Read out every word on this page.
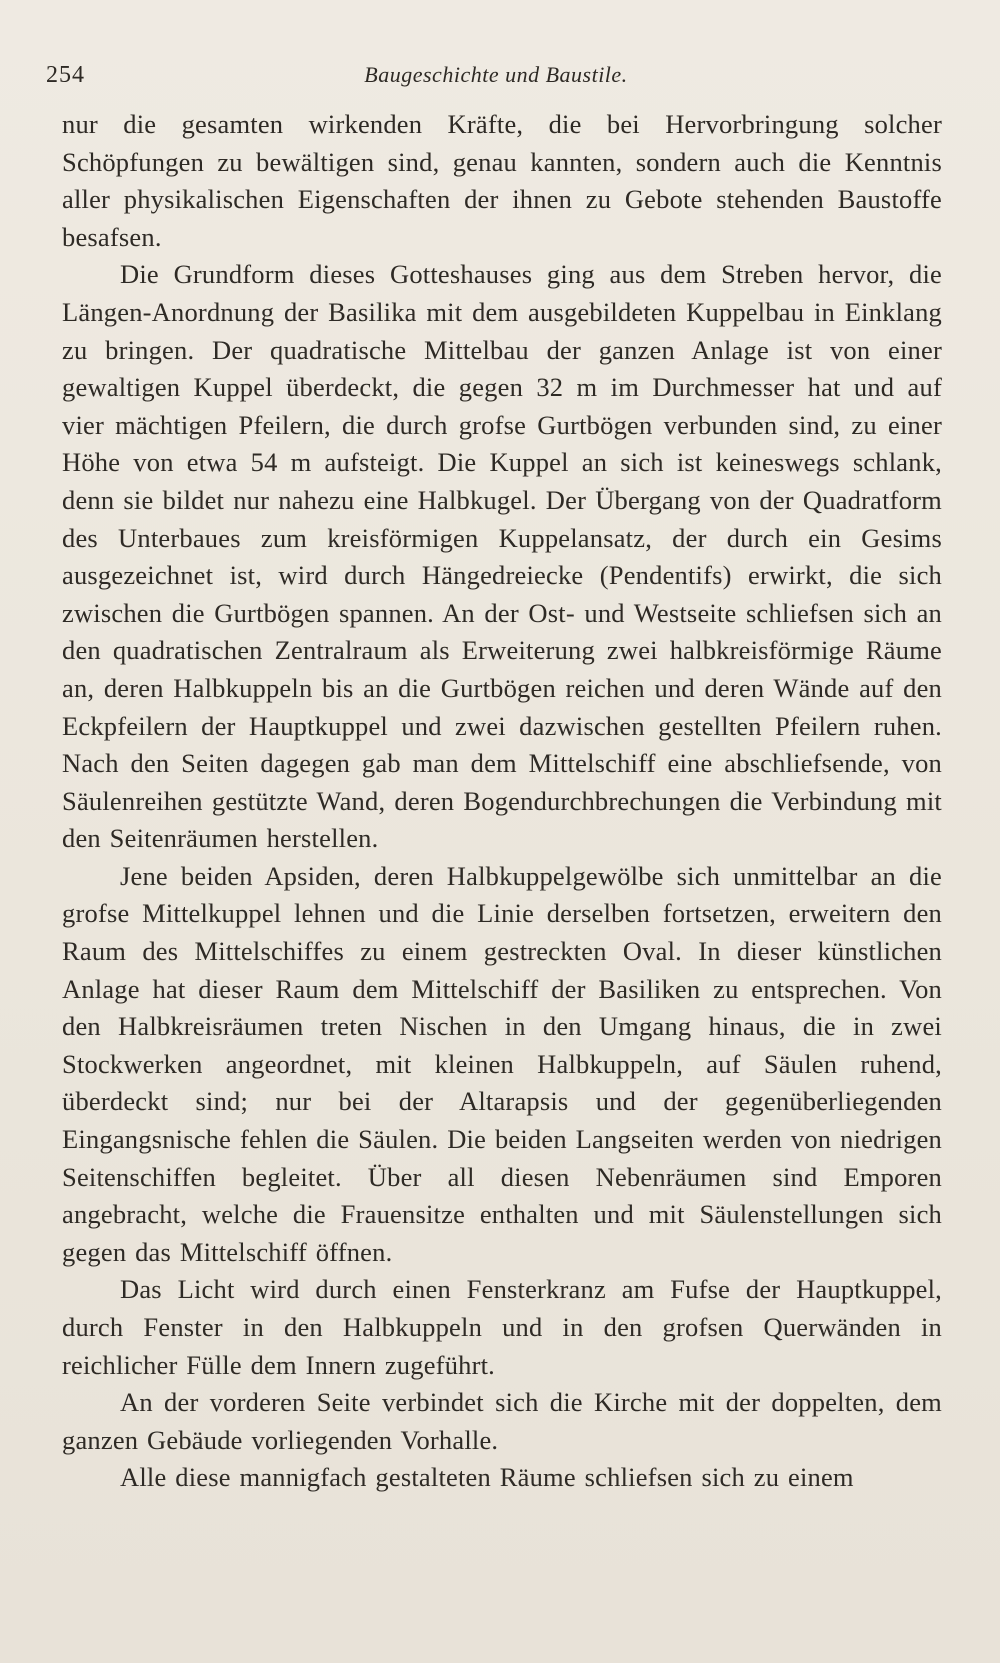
254	Baugeschichte und Baustile.

nur die gesamten wirkenden Kräfte, die bei Hervorbringung solcher Schöpfungen zu bewältigen sind, genau kannten, sondern auch die Kenntnis aller physikalischen Eigenschaften der ihnen zu Gebote stehenden Baustoffe besafsen.

Die Grundform dieses Gotteshauses ging aus dem Streben hervor, die Längen-Anordnung der Basilika mit dem ausgebildeten Kuppelbau in Einklang zu bringen. Der quadratische Mittelbau der ganzen Anlage ist von einer gewaltigen Kuppel überdeckt, die gegen 32 m im Durchmesser hat und auf vier mächtigen Pfeilern, die durch grofse Gurtbögen verbunden sind, zu einer Höhe von etwa 54 m aufsteigt. Die Kuppel an sich ist keineswegs schlank, denn sie bildet nur nahezu eine Halbkugel. Der Übergang von der Quadratform des Unterbaues zum kreisförmigen Kuppelansatz, der durch ein Gesims ausgezeichnet ist, wird durch Hängedreiecke (Pendentifs) erwirkt, die sich zwischen die Gurtbögen spannen. An der Ost- und Westseite schliefsen sich an den quadratischen Zentralraum als Erweiterung zwei halbkreisförmige Räume an, deren Halbkuppeln bis an die Gurtbögen reichen und deren Wände auf den Eckpfeilern der Hauptkuppel und zwei dazwischen gestellten Pfeilern ruhen. Nach den Seiten dagegen gab man dem Mittelschiff eine abschliefsende, von Säulenreihen gestützte Wand, deren Bogendurchbrechungen die Verbindung mit den Seitenräumen herstellen.

Jene beiden Apsiden, deren Halbkuppelgewölbe sich unmittelbar an die grofse Mittelkuppel lehnen und die Linie derselben fortsetzen, erweitern den Raum des Mittelschiffes zu einem gestreckten Oval. In dieser künstlichen Anlage hat dieser Raum dem Mittelschiff der Basiliken zu entsprechen. Von den Halbkreisräumen treten Nischen in den Umgang hinaus, die in zwei Stockwerken angeordnet, mit kleinen Halbkuppeln, auf Säulen ruhend, überdeckt sind; nur bei der Altarapsis und der gegenüberliegenden Eingangsnische fehlen die Säulen. Die beiden Langseiten werden von niedrigen Seitenschiffen begleitet. Über all diesen Nebenräumen sind Emporen angebracht, welche die Frauensitze enthalten und mit Säulenstellungen sich gegen das Mittelschiff öffnen.

Das Licht wird durch einen Fensterkranz am Fufse der Hauptkuppel, durch Fenster in den Halbkuppeln und in den grofsen Querwänden in reichlicher Fülle dem Innern zugeführt.

An der vorderen Seite verbindet sich die Kirche mit der doppelten, dem ganzen Gebäude vorliegenden Vorhalle.

Alle diese mannigfach gestalteten Räume schliefsen sich zu einem
